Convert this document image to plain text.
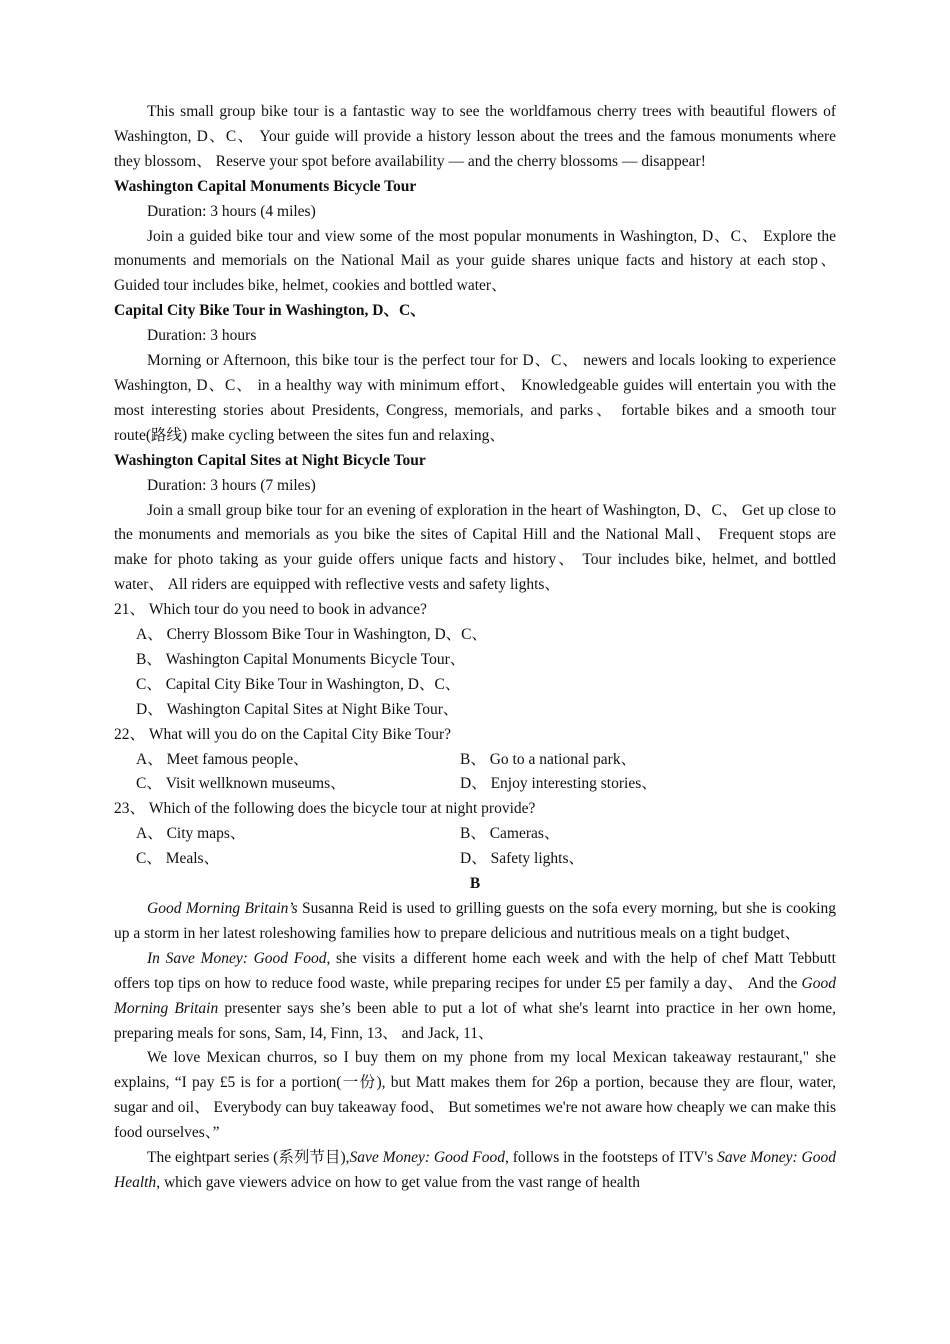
This small group bike tour is a fantastic way to see the worldfamous cherry trees with beautiful flowers of Washington, D、C、 Your guide will provide a history lesson about the trees and the famous monuments where they blossom、 Reserve your spot before availability — and the cherry blossoms — disappear!

Washington Capital Monuments Bicycle Tour

Duration: 3 hours (4 miles)

Join a guided bike tour and view some of the most popular monuments in Washington, D、C、 Explore the monuments and memorials on the National Mail as your guide shares unique facts and history at each stop、 Guided tour includes bike, helmet, cookies and bottled water、

Capital City Bike Tour in Washington, D、C、

Duration: 3 hours

Morning or Afternoon, this bike tour is the perfect tour for D、C、 newers and locals looking to experience Washington, D、C、 in a healthy way with minimum effort、 Knowledgeable guides will entertain you with the most interesting stories about Presidents, Congress, memorials, and parks、 fortable bikes and a smooth tour route(路线) make cycling between the sites fun and relaxing、

Washington Capital Sites at Night Bicycle Tour

Duration: 3 hours (7 miles)

Join a small group bike tour for an evening of exploration in the heart of Washington, D、C、 Get up close to the monuments and memorials as you bike the sites of Capital Hill and the National Mall、 Frequent stops are make for photo taking as your guide offers unique facts and history、 Tour includes bike, helmet, and bottled water、 All riders are equipped with reflective vests and safety lights、

21、 Which tour do you need to book in advance?

A、 Cherry Blossom Bike Tour in Washington, D、C、

B、 Washington Capital Monuments Bicycle Tour、

C、 Capital City Bike Tour in Washington, D、C、

D、 Washington Capital Sites at Night Bike Tour、

22、 What will you do on the Capital City Bike Tour?

A、 Meet famous people、	B、 Go to a national park、
C、 Visit wellknown museums、	D、 Enjoy interesting stories、

23、 Which of the following does the bicycle tour at night provide?

A、 City maps、	B、 Cameras、
C、 Meals、	D、 Safety lights、

B

Good Morning Britain’s Susanna Reid is used to grilling guests on the sofa every morning, but she is cooking up a storm in her latest roleshowing families how to prepare delicious and nutritious meals on a tight budget、

In Save Money: Good Food, she visits a different home each week and with the help of chef Matt Tebbutt offers top tips on how to reduce food waste, while preparing recipes for under £5 per family a day、 And the Good Morning Britain presenter says she’s been able to put a lot of what she's learnt into practice in her own home, preparing meals for sons, Sam, I4, Finn, 13、 and Jack, 11、

We love Mexican churros, so I buy them on my phone from my local Mexican takeaway restaurant," she explains, “I pay £5 is for a portion(一份), but Matt makes them for 26p a portion, because they are flour, water, sugar and oil、 Everybody can buy takeaway food、 But sometimes we're not aware how cheaply we can make this food ourselves、”

The eightpart series (系列节目),Save Money: Good Food, follows in the footsteps of ITV's Save Money: Good Health, which gave viewers advice on how to get value from the vast range of health
